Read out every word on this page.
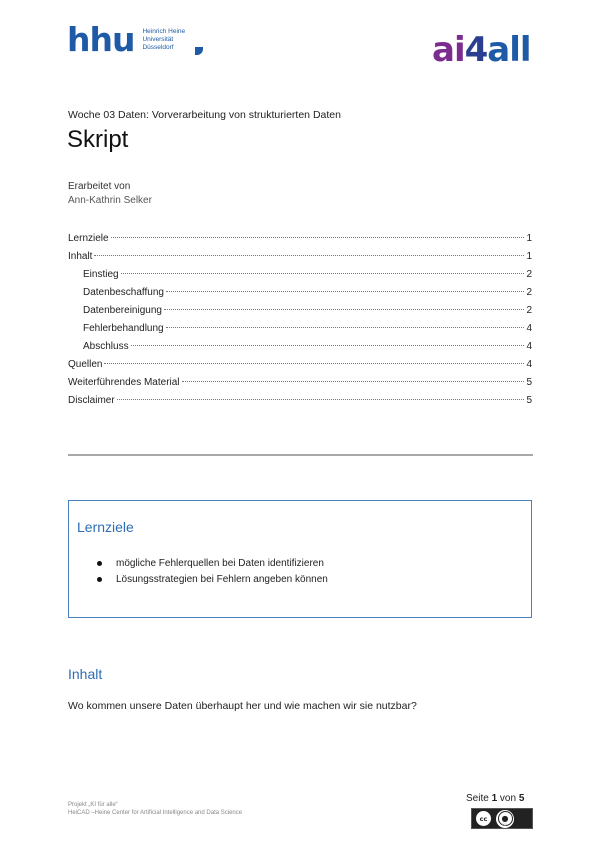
hhu Heinrich Heine
Universität
Düsseldorf	ai 4 all
Woche 03 Daten: Vorverarbeitung von strukturierten Daten
Skript
Erarbeitet von
Ann-Kathrin Selker
Lernziele	1
Inhalt	1
Einstieg	2
Datenbeschaffung	2
Datenbereinigung	2
Fehlerbehandlung	4
Abschluss	4
Quellen	4
Weiterführendes Material	5
Disclaimer	5
Lernziele
mögliche Fehlerquellen bei Daten identifizieren
Lösungsstrategien bei Fehlern angeben können
Inhalt
Wo kommen unsere Daten überhaupt her und wie machen wir sie nutzbar?
Projekt „KI für alle“
HeiCAD –Heine Center for Artificial Intelligence and Data Science
Seite 1 von 5
cc	●
BY
